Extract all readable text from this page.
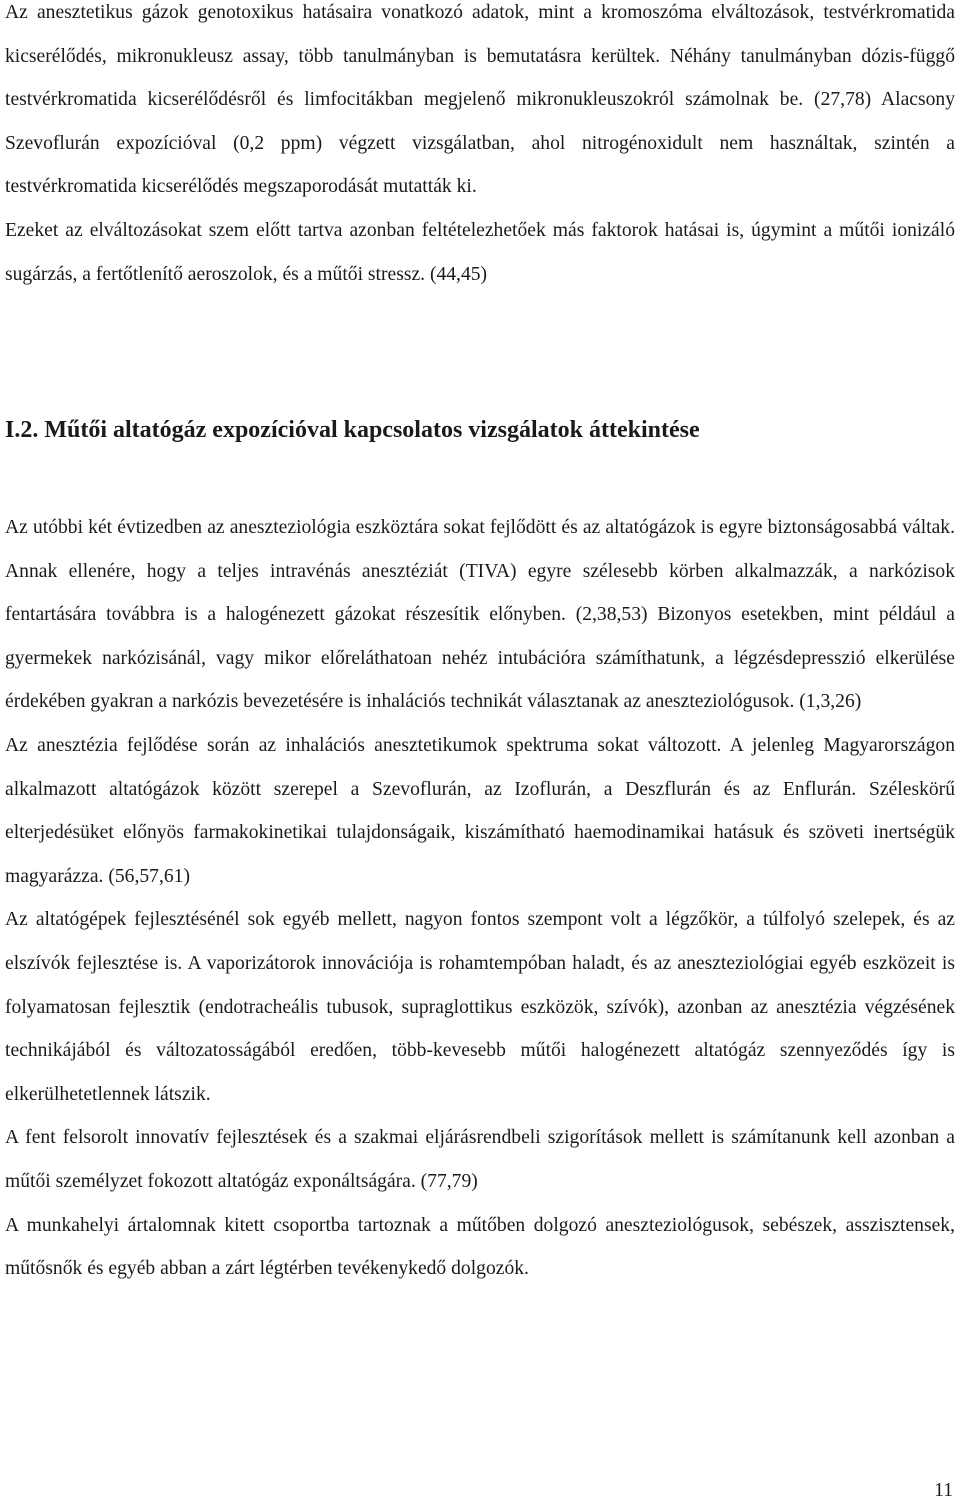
Az anesztetikus gázok genotoxikus hatásaira vonatkozó adatok, mint a kromoszóma elváltozások, testvérkromatida kicserélődés, mikronukleusz assay, több tanulmányban is bemutatásra kerültek. Néhány tanulmányban dózis-függő testvérkromatida kicserélődésről és limfocitákban megjelenő mikronukleuszokról számolnak be. (27,78) Alacsony Szevoflurán expozícióval (0,2 ppm) végzett vizsgálatban, ahol nitrogénoxidult nem használtak, szintén a testvérkromatida kicserélődés megszaporodását mutatták ki.

Ezeket az elváltozásokat szem előtt tartva azonban feltételezhetőek más faktorok hatásai is, úgymint a műtői ionizáló sugárzás, a fertőtlenítő aeroszolok, és a műtői stressz. (44,45)

I.2. Műtői altatógáz expozícióval kapcsolatos vizsgálatok áttekintése

Az utóbbi két évtizedben az aneszteziológia eszköztára sokat fejlődött és az altatógázok is egyre biztonságosabbá váltak. Annak ellenére, hogy a teljes intravénás anesztéziát (TIVA) egyre szélesebb körben alkalmazzák, a narkózisok fentartására továbbra is a halogénezett gázokat részesítik előnyben. (2,38,53) Bizonyos esetekben, mint például a gyermekek narkózisánál, vagy mikor előreláthatoan nehéz intubációra számíthatunk, a légzésdepresszió elkerülése érdekében gyakran a narkózis bevezetésére is inhalációs technikát választanak az aneszteziológusok. (1,3,26)

Az anesztézia fejlődése során az inhalációs anesztetikumok spektruma sokat változott. A jelenleg Magyarországon alkalmazott altatógázok között szerepel a Szevoflurán, az Izoflurán, a Deszflurán és az Enflurán. Széleskörű elterjedésüket előnyös farmakokinetikai tulajdonságaik, kiszámítható haemodinamikai hatásuk és szöveti inertségük magyarázza. (56,57,61)

Az altatógépek fejlesztésénél sok egyéb mellett, nagyon fontos szempont volt a légzőkör, a túlfolyó szelepek, és az elszívók fejlesztése is. A vaporizátorok innovációja is rohamtempóban haladt, és az aneszteziológiai egyéb eszközeit is folyamatosan fejlesztik (endotracheális tubusok, supraglottikus eszközök, szívók), azonban az anesztézia végzésének technikájából és változatosságából eredően, több-kevesebb műtői halogénezett altatógáz szennyeződés így is elkerülhetetlennek látszik.

A fent felsorolt innovatív fejlesztések és a szakmai eljárásrendbeli szigorítások mellett is számítanunk kell azonban a műtői személyzet fokozott altatógáz exponáltságára. (77,79)

A munkahelyi ártalomnak kitett csoportba tartoznak a műtőben dolgozó aneszteziológusok, sebészek, asszisztensek, műtősnők és egyéb abban a zárt légtérben tevékenykedő dolgozók.

11
